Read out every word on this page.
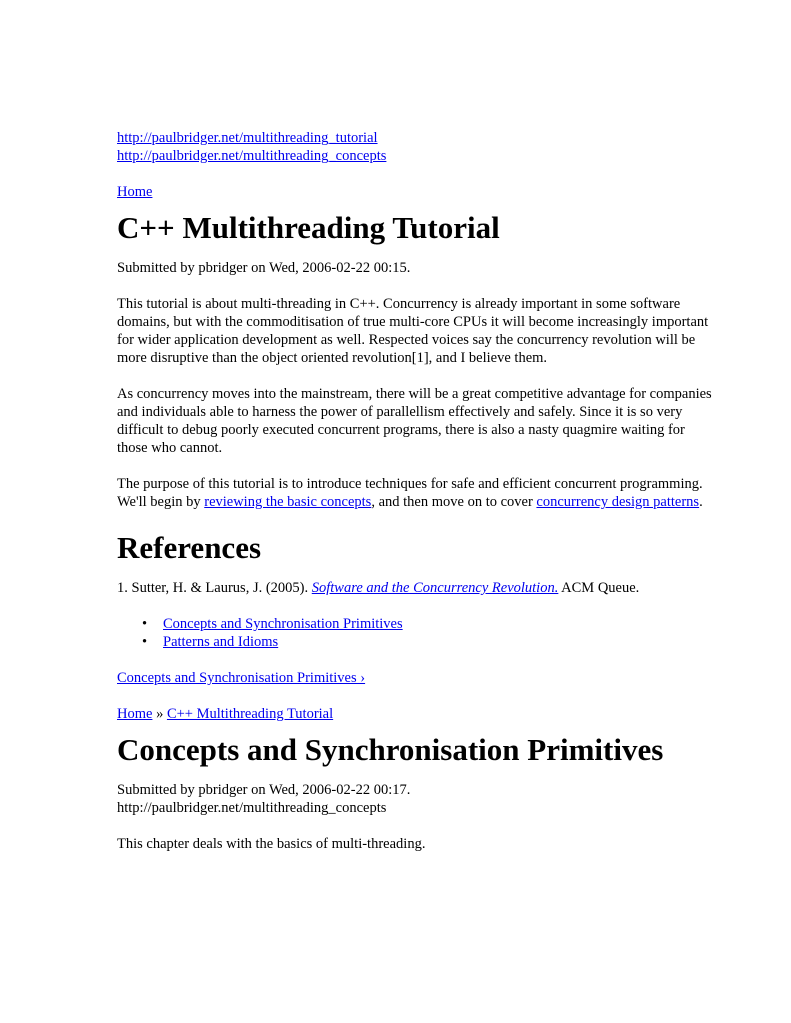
http://paulbridger.net/multithreading_tutorial
http://paulbridger.net/multithreading_concepts

Home

C++ Multithreading Tutorial

Submitted by pbridger on Wed, 2006-02-22 00:15.

This tutorial is about multi-threading in C++. Concurrency is already important in some software domains, but with the commoditisation of true multi-core CPUs it will become increasingly important for wider application development as well. Respected voices say the concurrency revolution will be more disruptive than the object oriented revolution[1], and I believe them.

As concurrency moves into the mainstream, there will be a great competitive advantage for companies and individuals able to harness the power of parallellism effectively and safely. Since it is so very difficult to debug poorly executed concurrent programs, there is also a nasty quagmire waiting for those who cannot.

The purpose of this tutorial is to introduce techniques for safe and efficient concurrent programming. We'll begin by reviewing the basic concepts, and then move on to cover concurrency design patterns.

References

1. Sutter, H. & Laurus, J. (2005). Software and the Concurrency Revolution. ACM Queue.

• Concepts and Synchronisation Primitives
• Patterns and Idioms

Concepts and Synchronisation Primitives ›

Home » C++ Multithreading Tutorial

Concepts and Synchronisation Primitives
Submitted by pbridger on Wed, 2006-02-22 00:17.
http://paulbridger.net/multithreading_concepts

This chapter deals with the basics of multi-threading.
